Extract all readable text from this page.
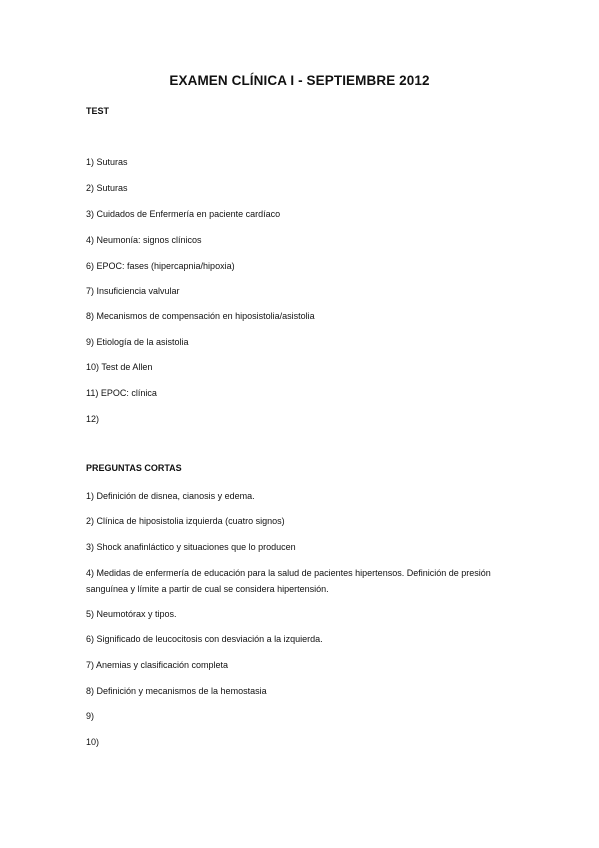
EXAMEN CLÍNICA I - SEPTIEMBRE 2012
TEST
1) Suturas
2) Suturas
3) Cuidados de Enfermería en paciente cardíaco
4) Neumonía: signos clínicos
6) EPOC: fases (hipercapnia/hipoxia)
7) Insuficiencia valvular
8) Mecanismos de compensación en hiposistolia/asistolia
9) Etiología de la asistolia
10) Test de Allen
11) EPOC: clínica
12)
PREGUNTAS CORTAS
1) Definición de disnea, cianosis y edema.
2) Clínica de hiposistolia izquierda (cuatro signos)
3) Shock anafinláctico y situaciones que lo producen
4) Medidas de enfermería de educación para la salud de pacientes hipertensos. Definición de presión sanguínea y límite a partir de cual se considera hipertensión.
5) Neumotórax y tipos.
6) Significado de leucocitosis con desviación a la izquierda.
7) Anemias y clasificación completa
8) Definición y mecanismos de la hemostasia
9)
10)
